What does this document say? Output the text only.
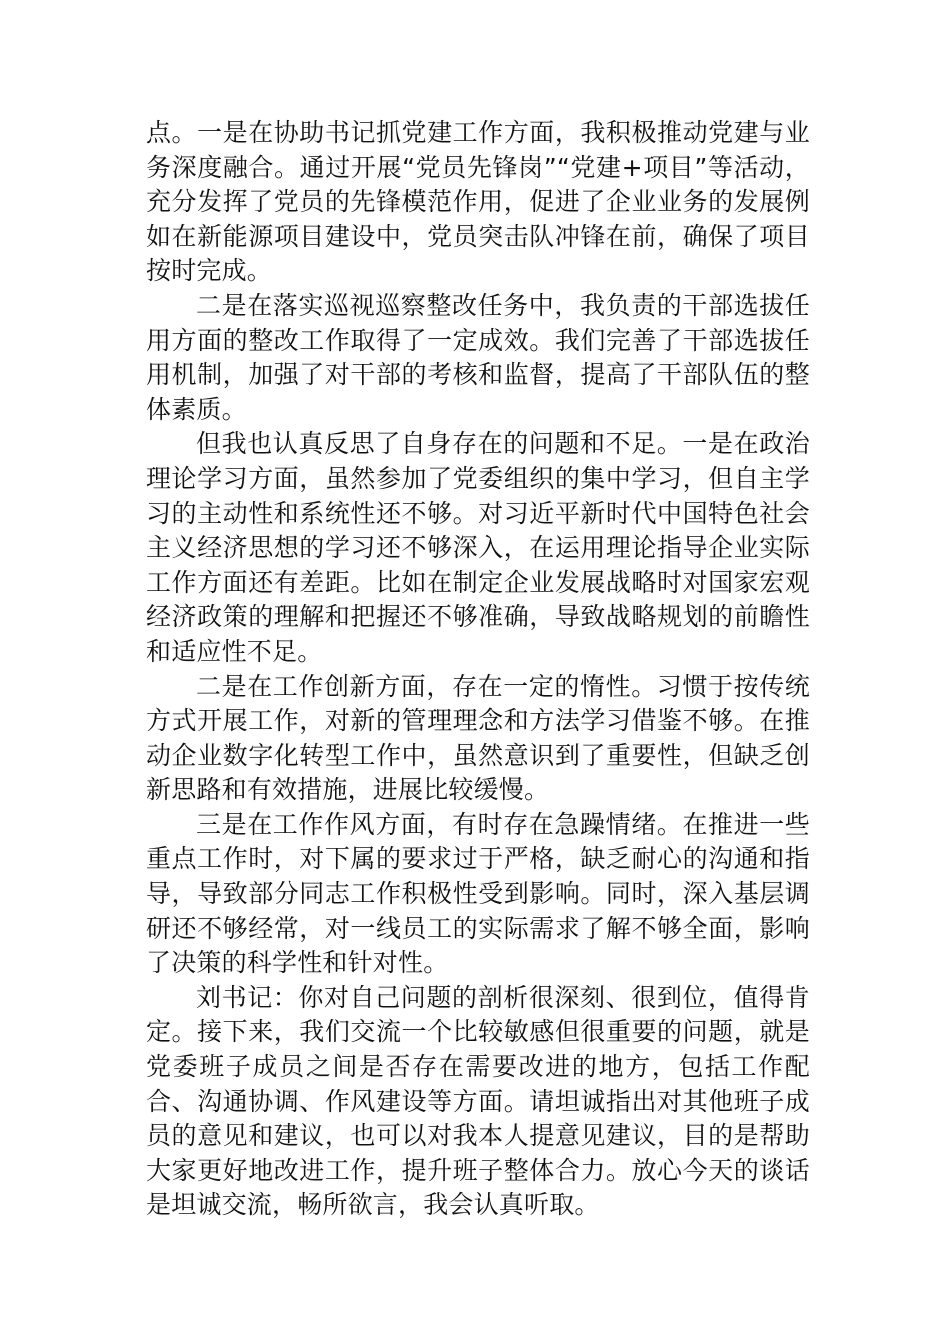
点。一是在协助书记抓党建工作方面，我积极推动党建与业务深度融合。通过开展“党员先锋岗”“党建+项目”等活动，充分发挥了党员的先锋模范作用，促进了企业业务的发展例如在新能源项目建设中，党员突击队冲锋在前，确保了项目按时完成。

二是在落实巡视巡察整改任务中，我负责的干部选拔任用方面的整改工作取得了一定成效。我们完善了干部选拔任用机制，加强了对干部的考核和监督，提高了干部队伍的整体素质。

但我也认真反思了自身存在的问题和不足。一是在政治理论学习方面，虽然参加了党委组织的集中学习，但自主学习的主动性和系统性还不够。对习近平新时代中国特色社会主义经济思想的学习还不够深入，在运用理论指导企业实际工作方面还有差距。比如在制定企业发展战略时对国家宏观经济政策的理解和把握还不够准确，导致战略规划的前瞻性和适应性不足。

二是在工作创新方面，存在一定的惰性。习惯于按传统方式开展工作，对新的管理理念和方法学习借鉴不够。在推动企业数字化转型工作中，虽然意识到了重要性，但缺乏创新思路和有效措施，进展比较缓慢。

三是在工作作风方面，有时存在急躁情绪。在推进一些重点工作时，对下属的要求过于严格，缺乏耐心的沟通和指导，导致部分同志工作积极性受到影响。同时，深入基层调研还不够经常，对一线员工的实际需求了解不够全面，影响了决策的科学性和针对性。

刘书记：你对自己问题的剖析很深刻、很到位，值得肯定。接下来，我们交流一个比较敏感但很重要的问题，就是党委班子成员之间是否存在需要改进的地方，包括工作配合、沟通协调、作风建设等方面。请坦诚指出对其他班子成员的意见和建议，也可以对我本人提意见建议，目的是帮助大家更好地改进工作，提升班子整体合力。放心今天的谈话是坦诚交流，畅所欲言，我会认真听取。
